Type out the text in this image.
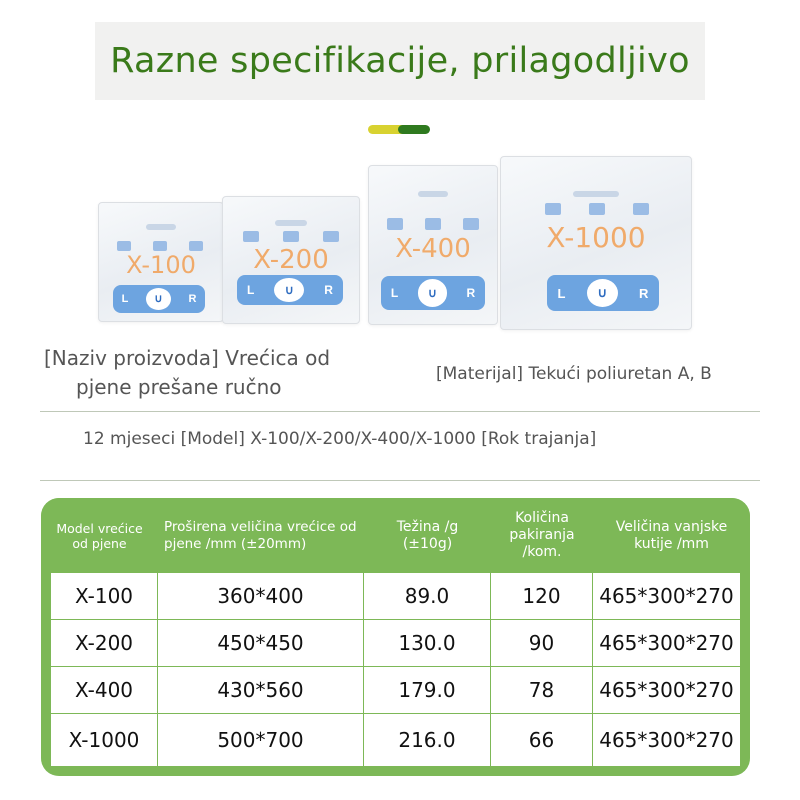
Razne specifikacije, prilagodljivo
X-100
L	∪	R
X-200
L	∪	R
X-400
L	∪	R
X-1000
L	∪	R
[Naziv proizvoda] Vrećica od
pjene prešane ručno
[Materijal] Tekući poliuretan A, B
12 mjeseci [Model] X-100/X-200/X-400/X-1000 [Rok trajanja]
Model vrećice od pjene	Proširena veličina vrećice od pjene /mm (±20mm)	Težina /g (±10g)	Količina pakiranja /kom.	Veličina vanjske kutije /mm
X-100	360*400	89.0	120	465*300*270
X-200	450*450	130.0	90	465*300*270
X-400	430*560	179.0	78	465*300*270
X-1000	500*700	216.0	66	465*300*270
